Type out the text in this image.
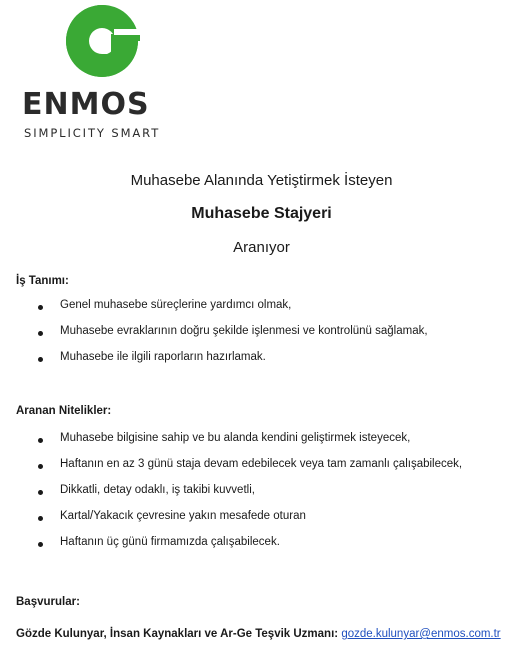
ENMOS
SIMPLICITY SMART
Muhasebe Alanında Yetiştirmek İsteyen
Muhasebe Stajyeri
Aranıyor
İş Tanımı:
Genel muhasebe süreçlerine yardımcı olmak,
Muhasebe evraklarının doğru şekilde işlenmesi ve kontrolünü sağlamak,
Muhasebe ile ilgili raporların hazırlamak.
Aranan Nitelikler:
Muhasebe bilgisine sahip ve bu alanda kendini geliştirmek isteyecek,
Haftanın en az 3 günü staja devam edebilecek veya tam zamanlı çalışabilecek,
Dikkatli, detay odaklı, iş takibi kuvvetli,
Kartal/Yakacık çevresine yakın mesafede oturan
Haftanın üç günü firmamızda çalışabilecek.
Başvurular:
Gözde Kulunyar, İnsan Kaynakları ve Ar-Ge Teşvik Uzmanı: gozde.kulunyar@enmos.com.tr
